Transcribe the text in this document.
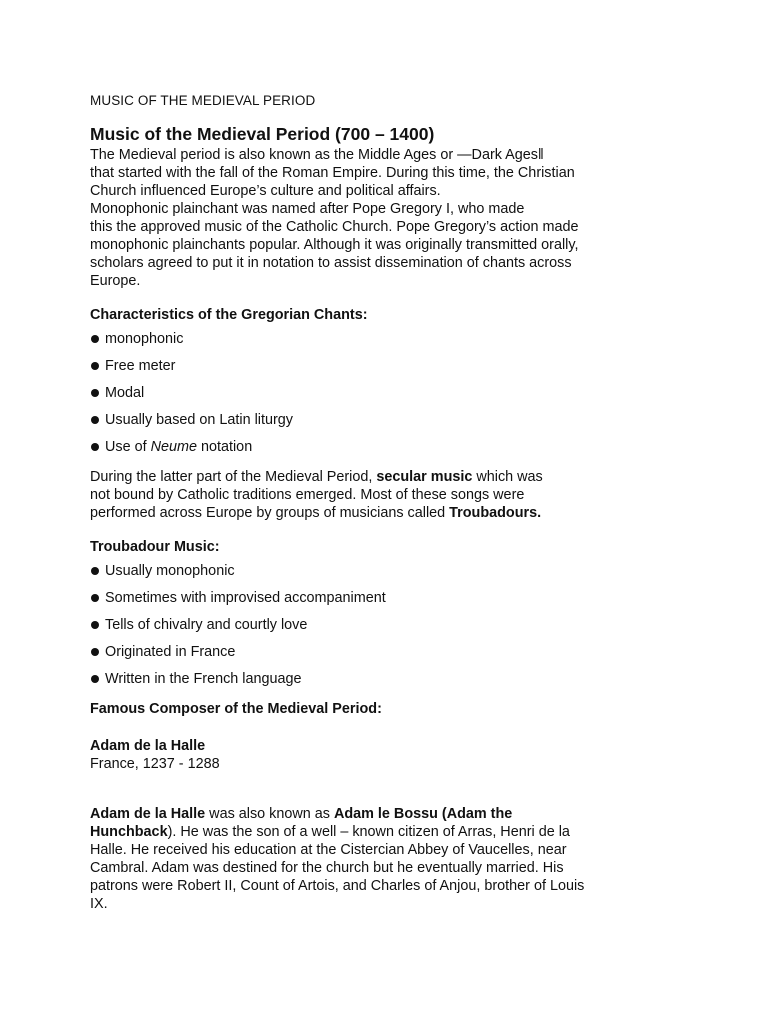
MUSIC OF THE MEDIEVAL PERIOD

Music of the Medieval Period (700 – 1400)

The Medieval period is also known as the Middle Ages or ―Dark Ages‖

that started with the fall of the Roman Empire. During this time, the Christian

Church influenced Europe’s culture and political affairs.

Monophonic plainchant was named after Pope Gregory I, who made

this the approved music of the Catholic Church. Pope Gregory’s action made

monophonic plainchants popular. Although it was originally transmitted orally,

scholars agreed to put it in notation to assist dissemination of chants across

Europe.

Characteristics of the Gregorian Chants:

monophonic
Free meter
Modal
Usually based on Latin liturgy
Use of Neume notation

During the latter part of the Medieval Period, secular music which was

not bound by Catholic traditions emerged. Most of these songs were

performed across Europe by groups of musicians called Troubadours.

Troubadour Music:

Usually monophonic
Sometimes with improvised accompaniment
Tells of chivalry and courtly love
Originated in France
Written in the French language

Famous Composer of the Medieval Period:

Adam de la Halle

France, 1237 - 1288

Adam de la Halle was also known as Adam le Bossu (Adam the

Hunchback). He was the son of a well – known citizen of Arras, Henri de la

Halle. He received his education at the Cistercian Abbey of Vaucelles, near

Cambral. Adam was destined for the church but he eventually married. His

patrons were Robert II, Count of Artois, and Charles of Anjou, brother of Louis

IX.
